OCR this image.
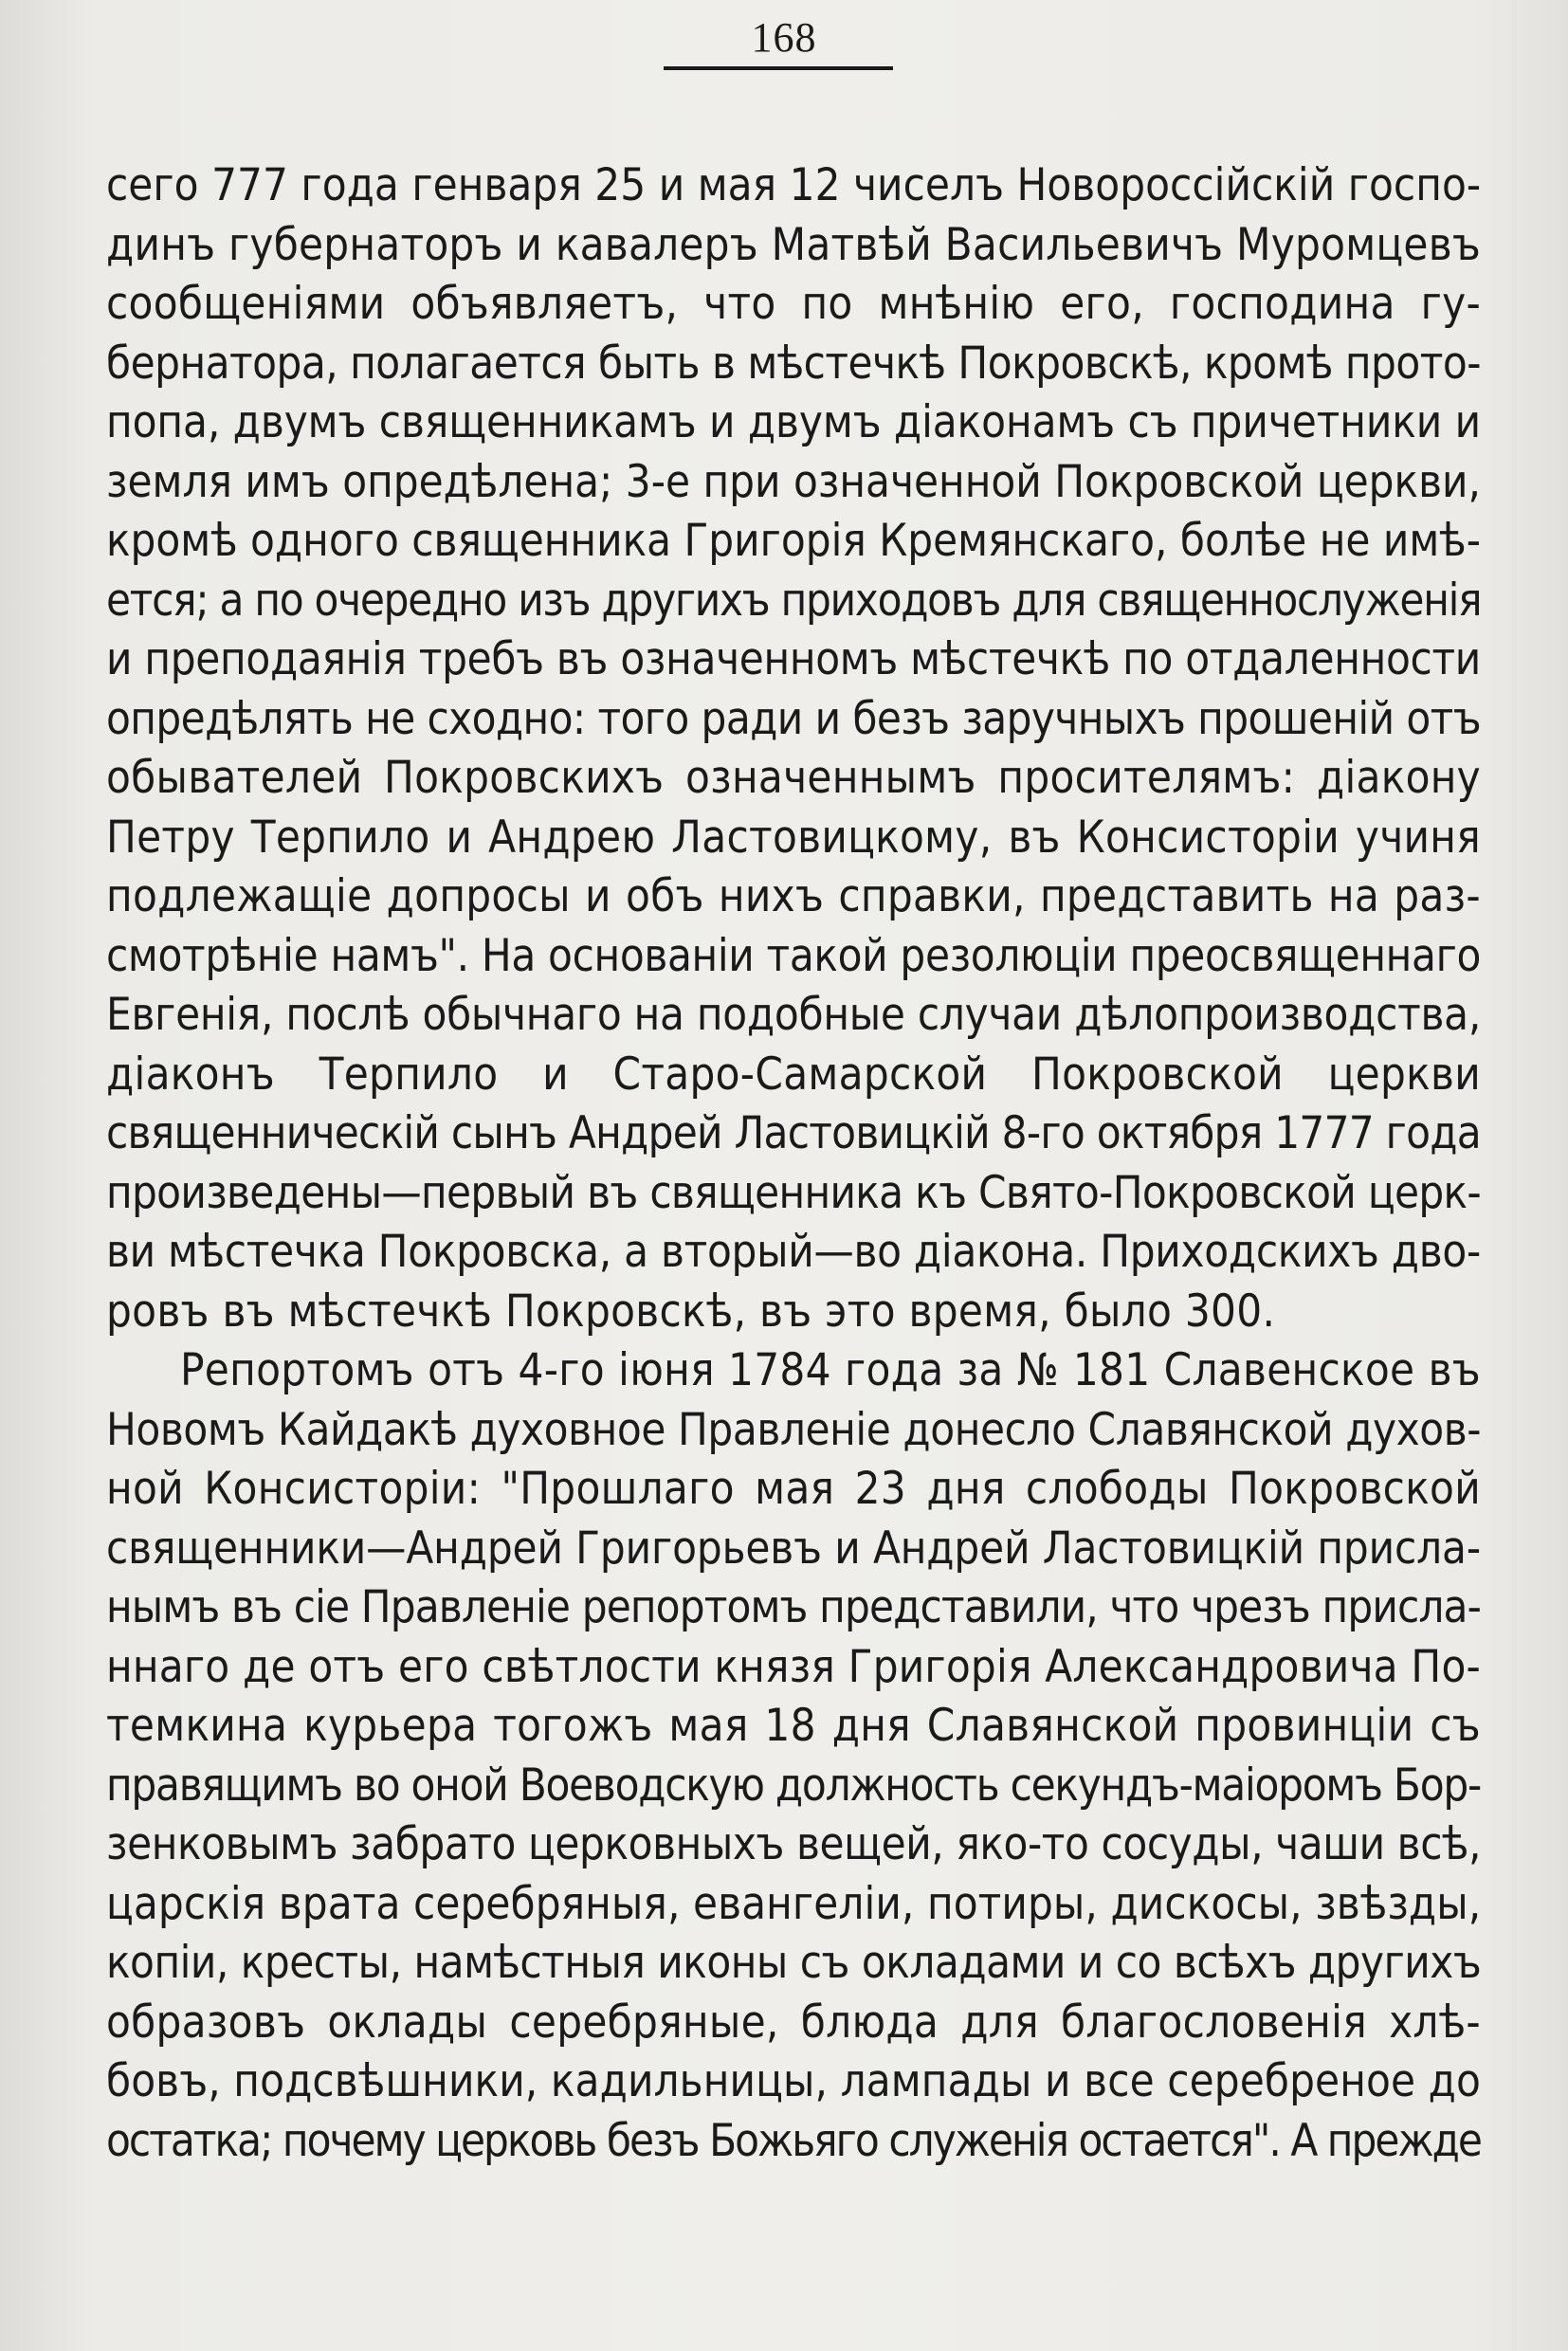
168
сего 777 года генваря 25 и мая 12 чиселъ Новороссійскій госпо-
динъ губернаторъ и кавалеръ Матвѣй Васильевичъ Муромцевъ
сообщеніями объявляетъ, что по мнѣнію его, господина гу-
бернатора, полагается быть в мѣстечкѣ Покровскѣ, кромѣ прото-
попа, двумъ священникамъ и двумъ діаконамъ съ причетники и
земля имъ опредѣлена; 3-е при означенной Покровской церкви,
кромѣ одного священника Григорія Кремянскаго, болѣе не имѣ-
ется; а по очередно изъ другихъ приходовъ для священнослуженія
и преподаянія требъ въ означенномъ мѣстечкѣ по отдаленности
опредѣлять не сходно: того ради и безъ заручныхъ прошеній отъ
обывателей Покровскихъ означеннымъ просителямъ: діакону
Петру Терпило и Андрею Ластовицкому, въ Консисторіи учиня
подлежащіе допросы и объ нихъ справки, представить на раз-
смотрѣніе намъ". На основаніи такой резолюціи преосвященнаго
Евгенія, послѣ обычнаго на подобные случаи дѣлопроизводства,
діаконъ Терпило и Старо-Самарской Покровской церкви
священническій сынъ Андрей Ластовицкій 8-го октября 1777 года
произведены—первый въ священника къ Свято-Покровской церк-
ви мѣстечка Покровска, а вторый—во діакона. Приходскихъ дво-
ровъ въ мѣстечкѣ Покровскѣ, въ это время, было 300.
Репортомъ отъ 4-го іюня 1784 года за № 181 Славенское въ
Новомъ Кайдакѣ духовное Правленіе донесло Славянской духов-
ной Консисторіи: "Прошлаго мая 23 дня слободы Покровской
священники—Андрей Григорьевъ и Андрей Ластовицкій присла-
нымъ въ сіе Правленіе репортомъ представили, что чрезъ присла-
ннаго де отъ его свѣтлости князя Григорія Александровича По-
темкина курьера тогожъ мая 18 дня Славянской провинціи съ
правящимъ во оной Воеводскую должность секундъ-маіоромъ Бор-
зенковымъ забрато церковныхъ вещей, яко-то сосуды, чаши всѣ,
царскія врата серебряныя, евангеліи, потиры, дискосы, звѣзды,
копіи, кресты, намѣстныя иконы съ окладами и со всѣхъ другихъ
образовъ оклады серебряные, блюда для благословенія хлѣ-
бовъ, подсвѣшники, кадильницы, лампады и все серебреное до
остатка; почему церковь безъ Божьяго служенія остается". А прежде
